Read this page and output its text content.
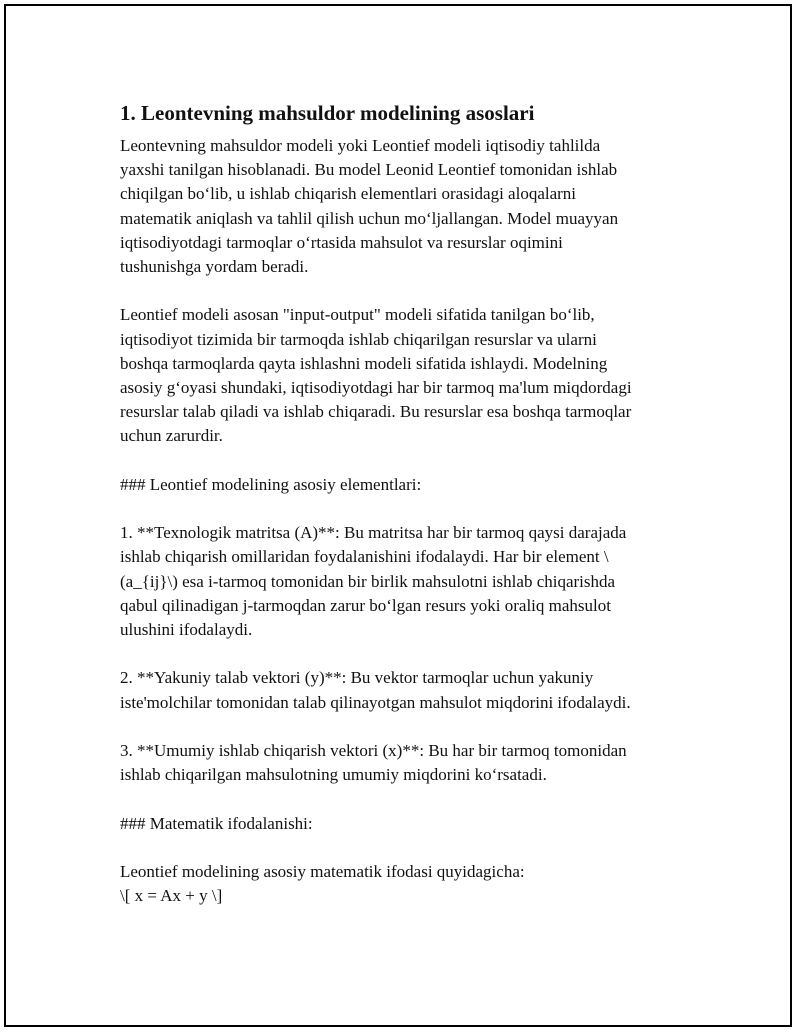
1. Leontevning mahsuldor modelining asoslari
Leontevning mahsuldor modeli yoki Leontief modeli iqtisodiy tahlilda
yaxshi tanilgan hisoblanadi. Bu model Leonid Leontief tomonidan ishlab
chiqilgan bo‘lib, u ishlab chiqarish elementlari orasidagi aloqalarni
matematik aniqlash va tahlil qilish uchun mo‘ljallangan. Model muayyan
iqtisodiyotdagi tarmoqlar o‘rtasida mahsulot va resurslar oqimini
tushunishga yordam beradi.
Leontief modeli asosan "input-output" modeli sifatida tanilgan bo‘lib,
iqtisodiyot tizimida bir tarmoqda ishlab chiqarilgan resurslar va ularni
boshqa tarmoqlarda qayta ishlashni modeli sifatida ishlaydi. Modelning
asosiy g‘oyasi shundaki, iqtisodiyotdagi har bir tarmoq ma'lum miqdordagi
resurslar talab qiladi va ishlab chiqaradi. Bu resurslar esa boshqa tarmoqlar
uchun zarurdir.
### Leontief modelining asosiy elementlari:
1. **Texnologik matritsa (A)**: Bu matritsa har bir tarmoq qaysi darajada
ishlab chiqarish omillaridan foydalanishini ifodalaydi. Har bir element \
(a_{ij}\) esa i-tarmoq tomonidan bir birlik mahsulotni ishlab chiqarishda
qabul qilinadigan j-tarmoqdan zarur bo‘lgan resurs yoki oraliq mahsulot
ulushini ifodalaydi.
2. **Yakuniy talab vektori (y)**: Bu vektor tarmoqlar uchun yakuniy
iste'molchilar tomonidan talab qilinayotgan mahsulot miqdorini ifodalaydi.
3. **Umumiy ishlab chiqarish vektori (x)**: Bu har bir tarmoq tomonidan
ishlab chiqarilgan mahsulotning umumiy miqdorini ko‘rsatadi.
### Matematik ifodalanishi:
Leontief modelining asosiy matematik ifodasi quyidagicha:
\[ x = Ax + y \]
